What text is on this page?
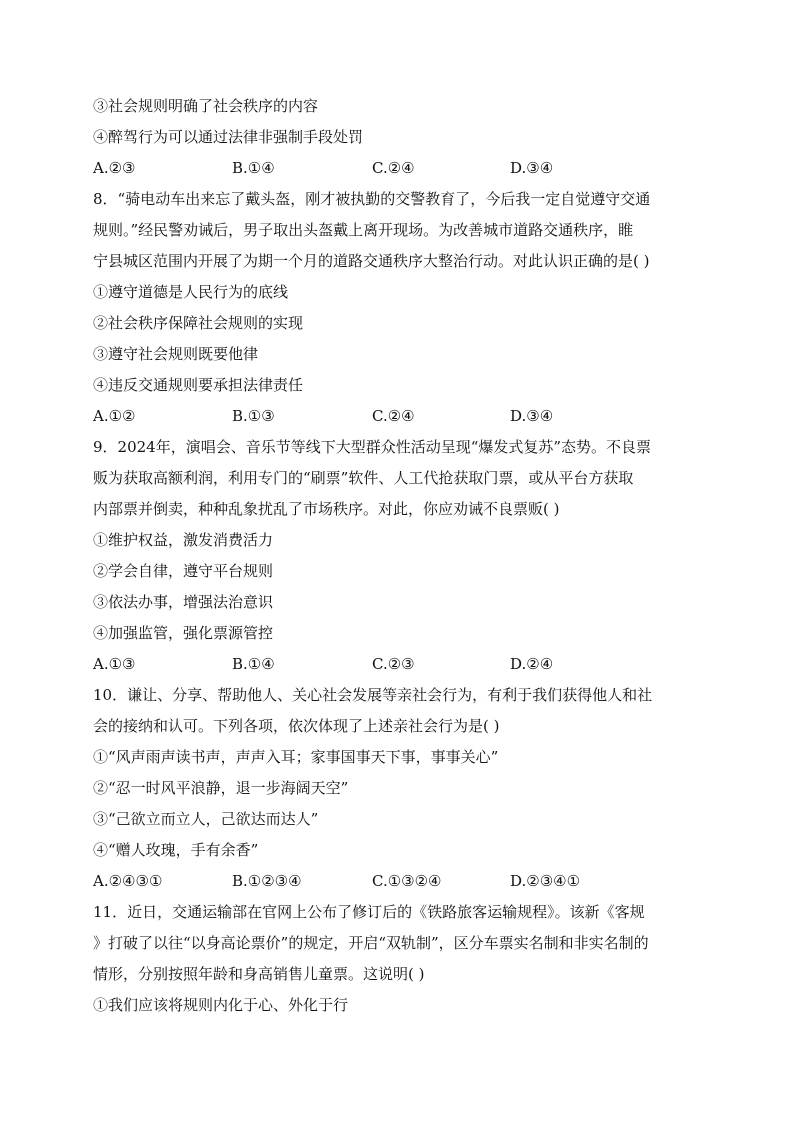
③社会规则明确了社会秩序的内容
④醉驾行为可以通过法律非强制手段处罚
A.②③	B.①④	C.②④	D.③④
8．“骑电动车出来忘了戴头盔，刚才被执勤的交警教育了，今后我一定自觉遵守交通
规则。”经民警劝诫后，男子取出头盔戴上离开现场。为改善城市道路交通秩序，睢
宁县城区范围内开展了为期一个月的道路交通秩序大整治行动。对此认识正确的是( )
①遵守道德是人民行为的底线
②社会秩序保障社会规则的实现
③遵守社会规则既要他律
④违反交通规则要承担法律责任
A.①②	B.①③	C.②④	D.③④
9．2024年，演唱会、音乐节等线下大型群众性活动呈现“爆发式复苏”态势。不良票
贩为获取高额利润，利用专门的“刷票”软件、人工代抢获取门票，或从平台方获取
内部票并倒卖，种种乱象扰乱了市场秩序。对此，你应劝诫不良票贩( )
①维护权益，激发消费活力
②学会自律，遵守平台规则
③依法办事，增强法治意识
④加强监管，强化票源管控
A.①③	B.①④	C.②③	D.②④
10．谦让、分享、帮助他人、关心社会发展等亲社会行为，有利于我们获得他人和社
会的接纳和认可。下列各项，依次体现了上述亲社会行为是( )
①“风声雨声读书声，声声入耳；家事国事天下事，事事关心”
②“忍一时风平浪静，退一步海阔天空”
③“己欲立而立人，己欲达而达人”
④“赠人玫瑰，手有余香”
A.②④③①	B.①②③④	C.①③②④	D.②③④①
11．近日，交通运输部在官网上公布了修订后的《铁路旅客运输规程》。该新《客规
》打破了以往“以身高论票价”的规定，开启“双轨制”，区分车票实名制和非实名制的
情形，分别按照年龄和身高销售儿童票。这说明( )
①我们应该将规则内化于心、外化于行
